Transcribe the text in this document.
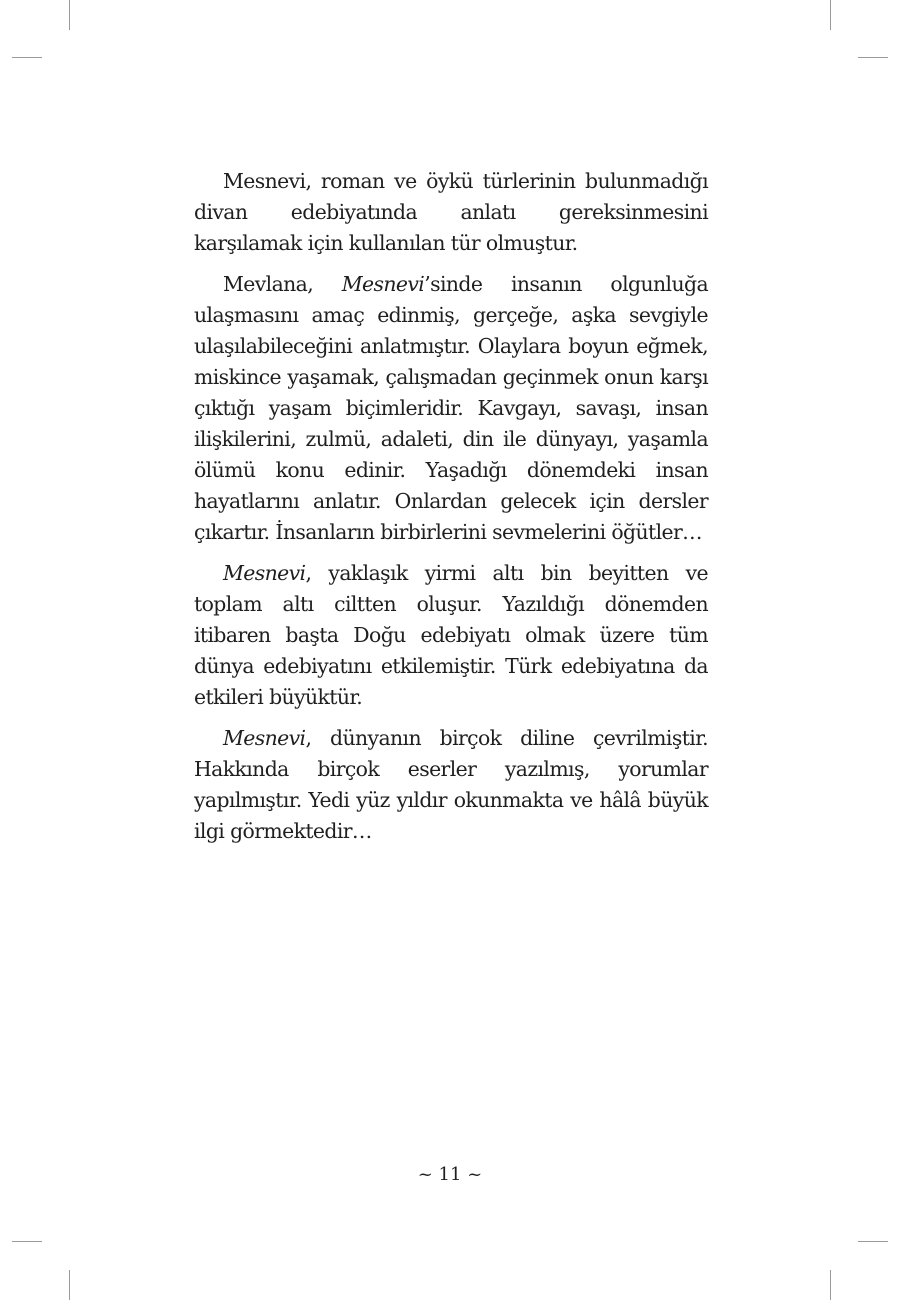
Mesnevi, roman ve öykü türlerinin bulunmadığı divan edebiyatında anlatı gereksinmesini karşılamak için kullanılan tür olmuştur.

Mevlana, Mesnevi’sinde insanın olgunluğa ulaşmasını amaç edinmiş, gerçeğe, aşka sevgiyle ulaşılabileceğini anlatmıştır. Olaylara boyun eğmek, miskince yaşamak, çalışmadan geçinmek onun karşı çıktığı yaşam biçimleridir. Kavgayı, savaşı, insan ilişkilerini, zulmü, adaleti, din ile dünyayı, yaşamla ölümü konu edinir. Yaşadığı dönemdeki insan hayatlarını anlatır. Onlardan gelecek için dersler çıkartır. İnsanların birbirlerini sevmelerini öğütler…

Mesnevi, yaklaşık yirmi altı bin beyitten ve toplam altı ciltten oluşur. Yazıldığı dönemden itibaren başta Doğu edebiyatı olmak üzere tüm dünya edebiyatını etkilemiştir. Türk edebiyatına da etkileri büyüktür.

Mesnevi, dünyanın birçok diline çevrilmiştir. Hakkında birçok eserler yazılmış, yorumlar yapılmıştır. Yedi yüz yıldır okunmakta ve hâlâ büyük ilgi görmektedir…

~ 11 ~
